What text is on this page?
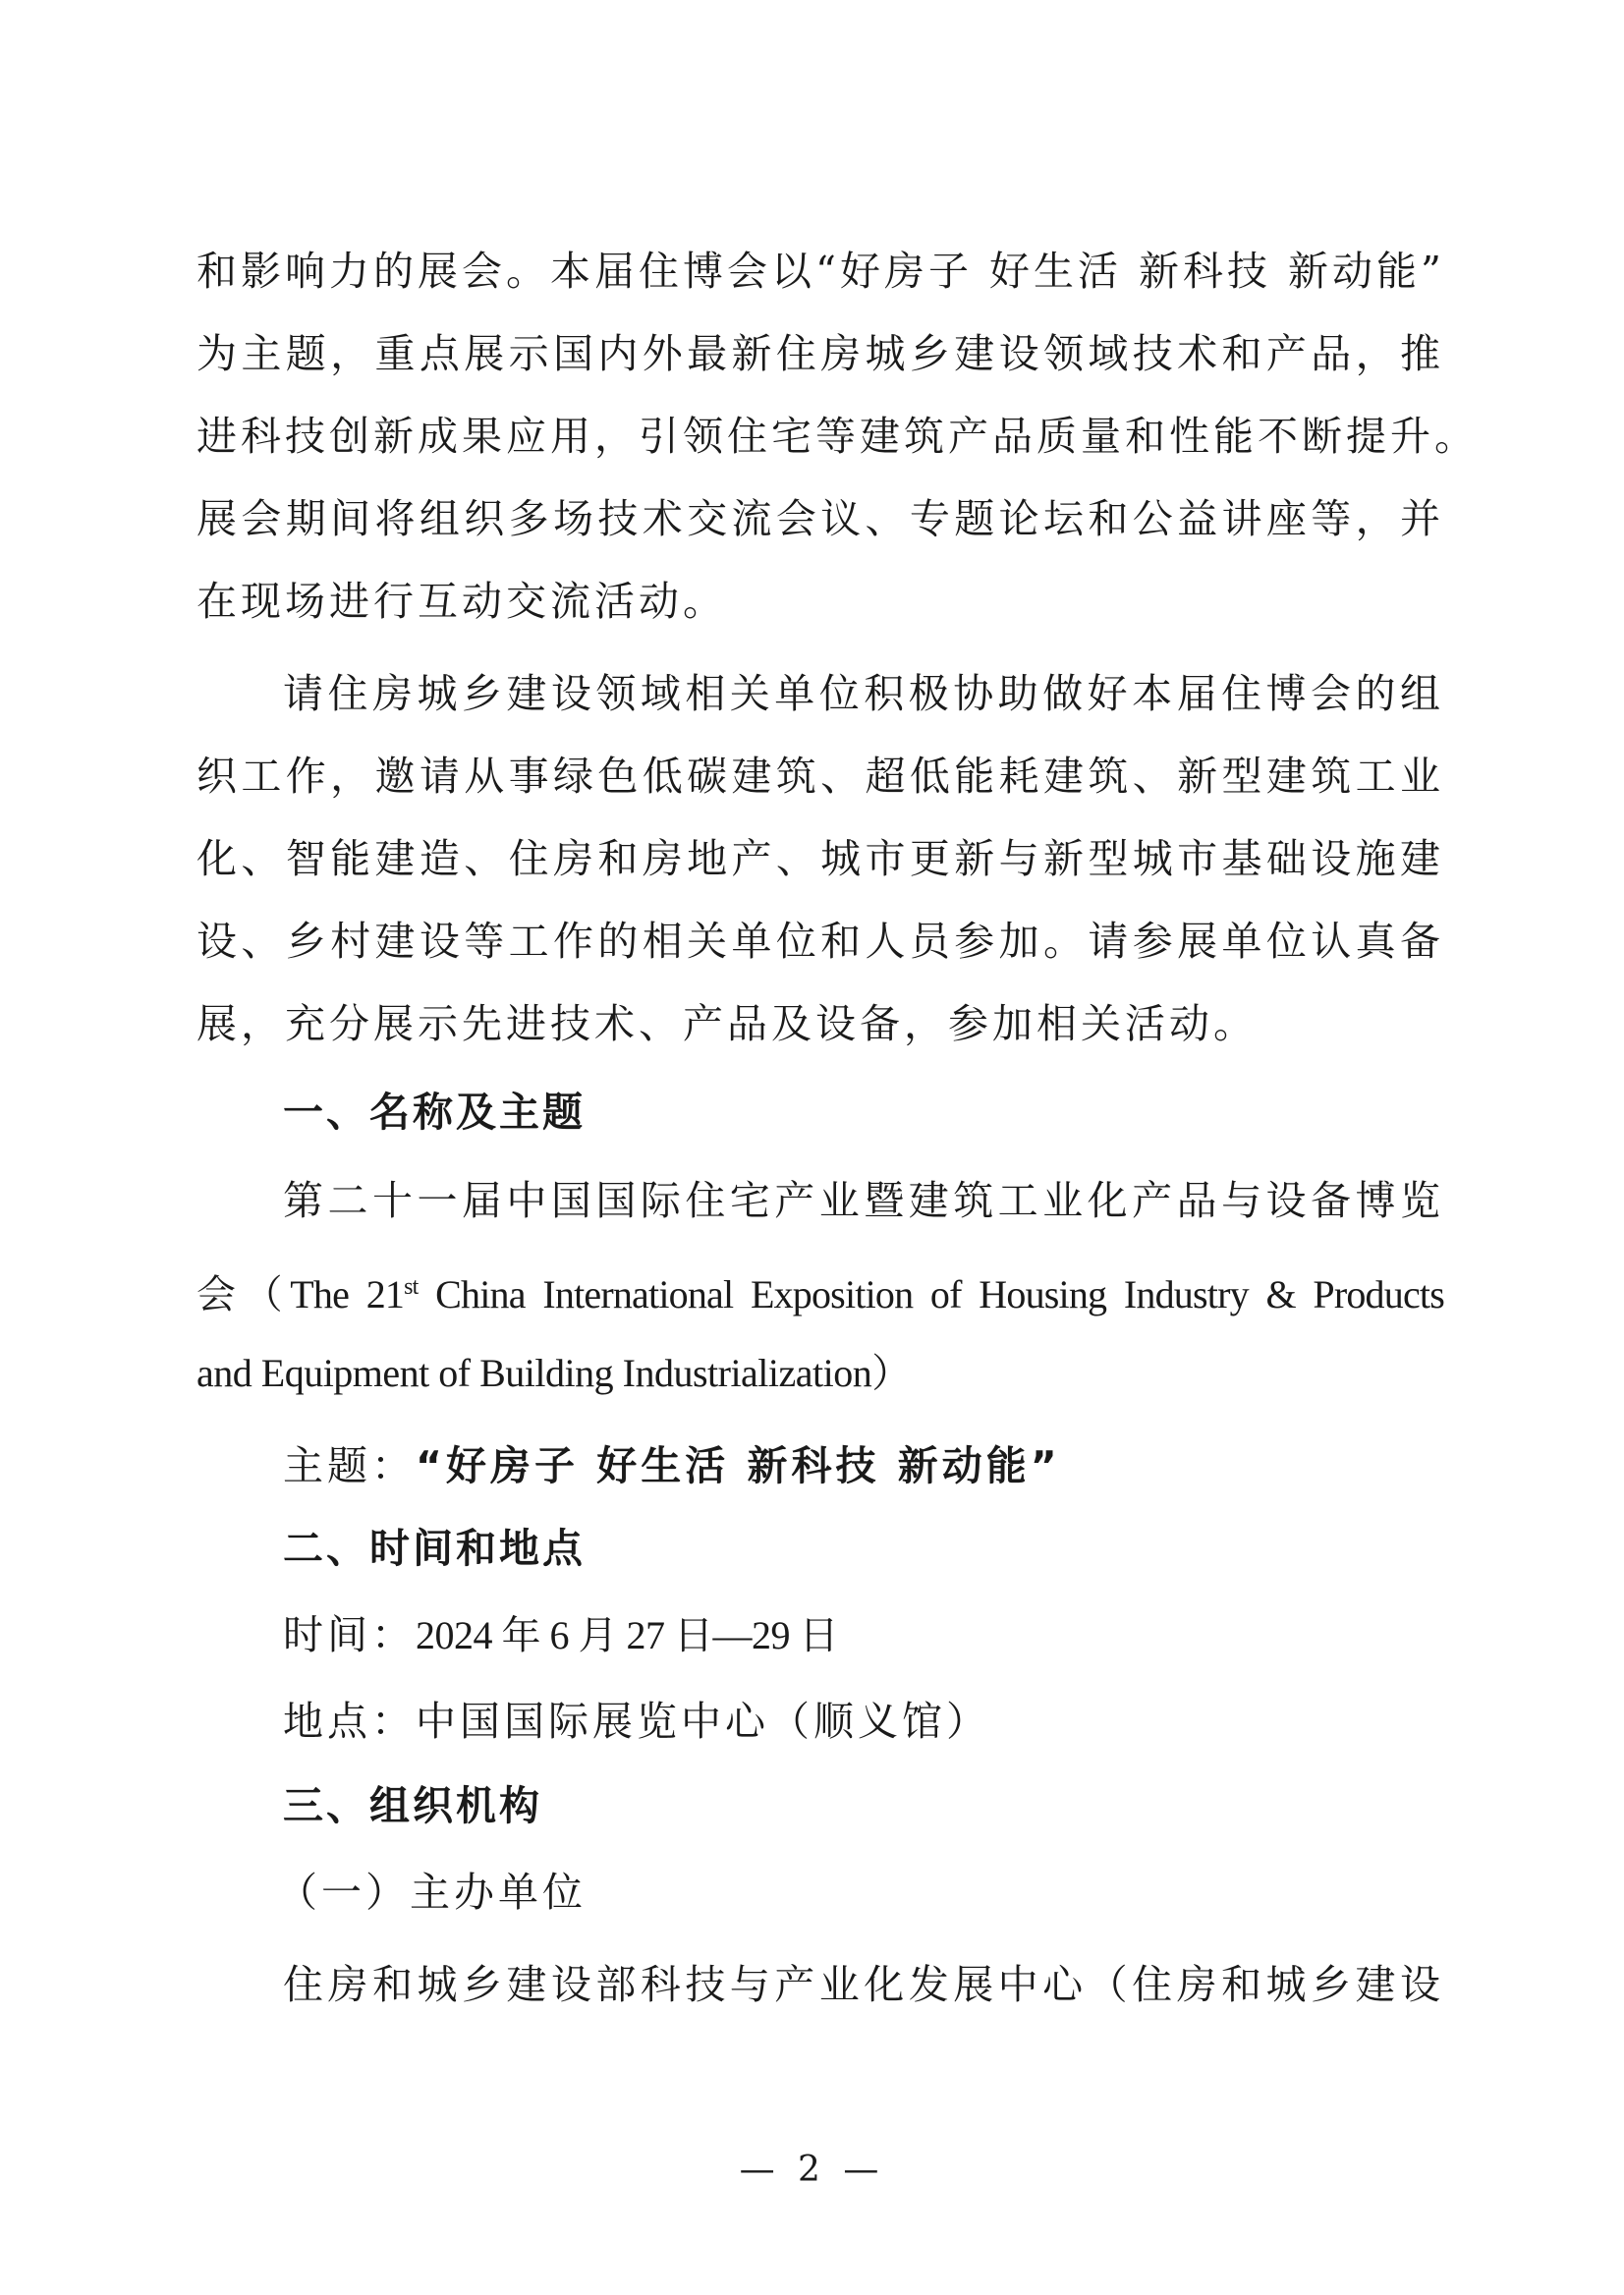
和影响力的展会。本届住博会以“好房子 好生活 新科技 新动能”
为主题，重点展示国内外最新住房城乡建设领域技术和产品，推
进科技创新成果应用，引领住宅等建筑产品质量和性能不断提升。
展会期间将组织多场技术交流会议、专题论坛和公益讲座等，并
在现场进行互动交流活动。
请住房城乡建设领域相关单位积极协助做好本届住博会的组
织工作，邀请从事绿色低碳建筑、超低能耗建筑、新型建筑工业
化、智能建造、住房和房地产、城市更新与新型城市基础设施建
设、乡村建设等工作的相关单位和人员参加。请参展单位认真备
展，充分展示先进技术、产品及设备，参加相关活动。
一、名称及主题
第二十一届中国国际住宅产业暨建筑工业化产品与设备博览
会（The 21st China International Exposition of Housing Industry & Products
and Equipment of Building Industrialization）
主题：“好房子 好生活 新科技 新动能”
二、时间和地点
时间：2024 年 6 月 27 日—29 日
地点：中国国际展览中心（顺义馆）
三、组织机构
（一）主办单位
住房和城乡建设部科技与产业化发展中心（住房和城乡建设
— 2 —
